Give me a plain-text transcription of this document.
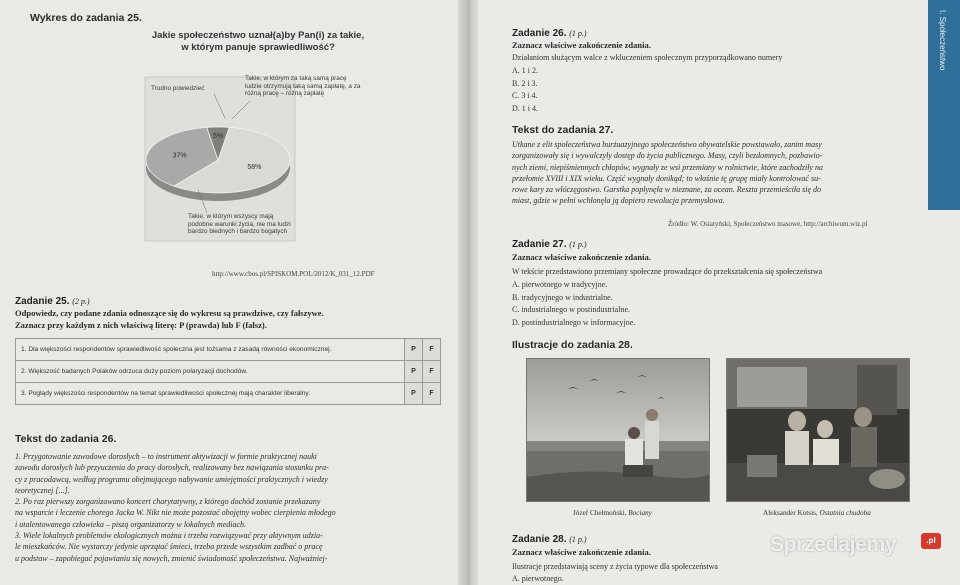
Wykres do zadania 25.
Jakie społeczeństwo uznał(a)by Pan(i) za takie,
w którym panuje sprawiedliwość?
58%
37%
5%
Trudno powiedzieć
Takie, w którym za taką samą pracę ludzie otrzymują taką samą zapłatę, a za różną pracę – różną zapłatę
Takie, w którym wszyscy mają podobne warunki życia, nie ma ludzi bardzo biednych i bardzo bogatych
http://www.cbos.pl/SPISKOM.POL/2012/K_031_12.PDF
Zadanie 25. (2 p.)
Odpowiedz, czy podane zdania odnoszące się do wykresu są prawdziwe, czy fałszywe.
Zaznacz przy każdym z nich właściwą literę: P (prawda) lub F (fałsz).
1. Dla większości respondentów sprawiedliwość społeczna jest tożsama z zasadą równości ekonomicznej.	P	F
2. Większość badanych Polaków odrzuca duży poziom polaryzacji dochodów.	P	F
3. Poglądy większości respondentów na temat sprawiedliwości społecznej mają charakter liberalny.	P	F
Tekst do zadania 26.
1. Przygotowanie zawodowe dorosłych – to instrument aktywizacji w formie praktycznej nauki
zawodu dorosłych lub przyuczenia do pracy dorosłych, realizowany bez nawiązania stosunku pra-
cy z pracodawcą, według programu obejmującego nabywanie umiejętności praktycznych i wiedzy
teoretycznej [...].
2. Po raz pierwszy zorganizowano koncert charytatywny, z którego dochód zostanie przekazany
na wsparcie i leczenie chorego Jacka W. Nikt nie może pozostać obojętny wobec cierpienia młodego
i utalentowanego człowieka – piszą organizatorzy w lokalnych mediach.
3. Wiele lokalnych problemów ekologicznych można i trzeba rozwiązywać przy aktywnym udzia-
le mieszkańców. Nie wystarczy jedynie uprzątać śmieci, trzeba przede wszystkim zadbać o pracę
u podstaw – zapobiegać pojawianiu się nowych, zmienić świadomość społeczeństwa. Najważniej-
I. Społeczeństwo
Zadanie 26. (1 p.)
Zaznacz właściwe zakończenie zdania.
Działaniom służącym walce z wkluczeniem społecznym przyporządkowano numery
A. 1 i 2.
B. 2 i 3.
C. 3 i 4.
D. 1 i 4.
Tekst do zadania 27.
Utkane z elit społeczeństwa burżuazyjnego społeczeństwo obywatelskie powstawało, zanim masy
zorganizowały się i wywalczyły dostęp do życia publicznego. Masy, czyli bezdomnych, pozbawio-
nych ziemi, niepiśmiennych chłopów, wygnały ze wsi przemiany w rolnictwie, które zachodziły na
przełomie XVIII i XIX wieku. Część wygnały donikąd; to właśnie tę grupę miały kontrolować su-
rowe kary za włóczęgostwo. Garstka popłynęła w nieznane, za ocean. Reszta przemieściła się do
miast, gdzie w pełni wchłonęła ją dopiero rewolucja przemysłowa.
Źródło: W. Osiatyński, Społeczeństwo masowe, http://archiwum.wiz.pl
Zadanie 27. (1 p.)
Zaznacz właściwe zakończenie zdania.
W tekście przedstawiono przemiany społeczne prowadzące do przekształcenia się społeczeństwa
A. pierwotnego w tradycyjne.
B. tradycyjnego w industrialne.
C. industrialnego w postindustrialne.
D. postindustrialnego w informacyjne.
Ilustracje do zadania 28.
Józef Chełmoński, Bociany	Aleksander Kotsis, Ostatnia chudoba
Zadanie 28. (1 p.)
Zaznacz właściwe zakończenie zdania.
Ilustracje przedstawiają sceny z życia typowe dla społeczeństwa
A. pierwotnego.
Sprzedajemy	.pl
